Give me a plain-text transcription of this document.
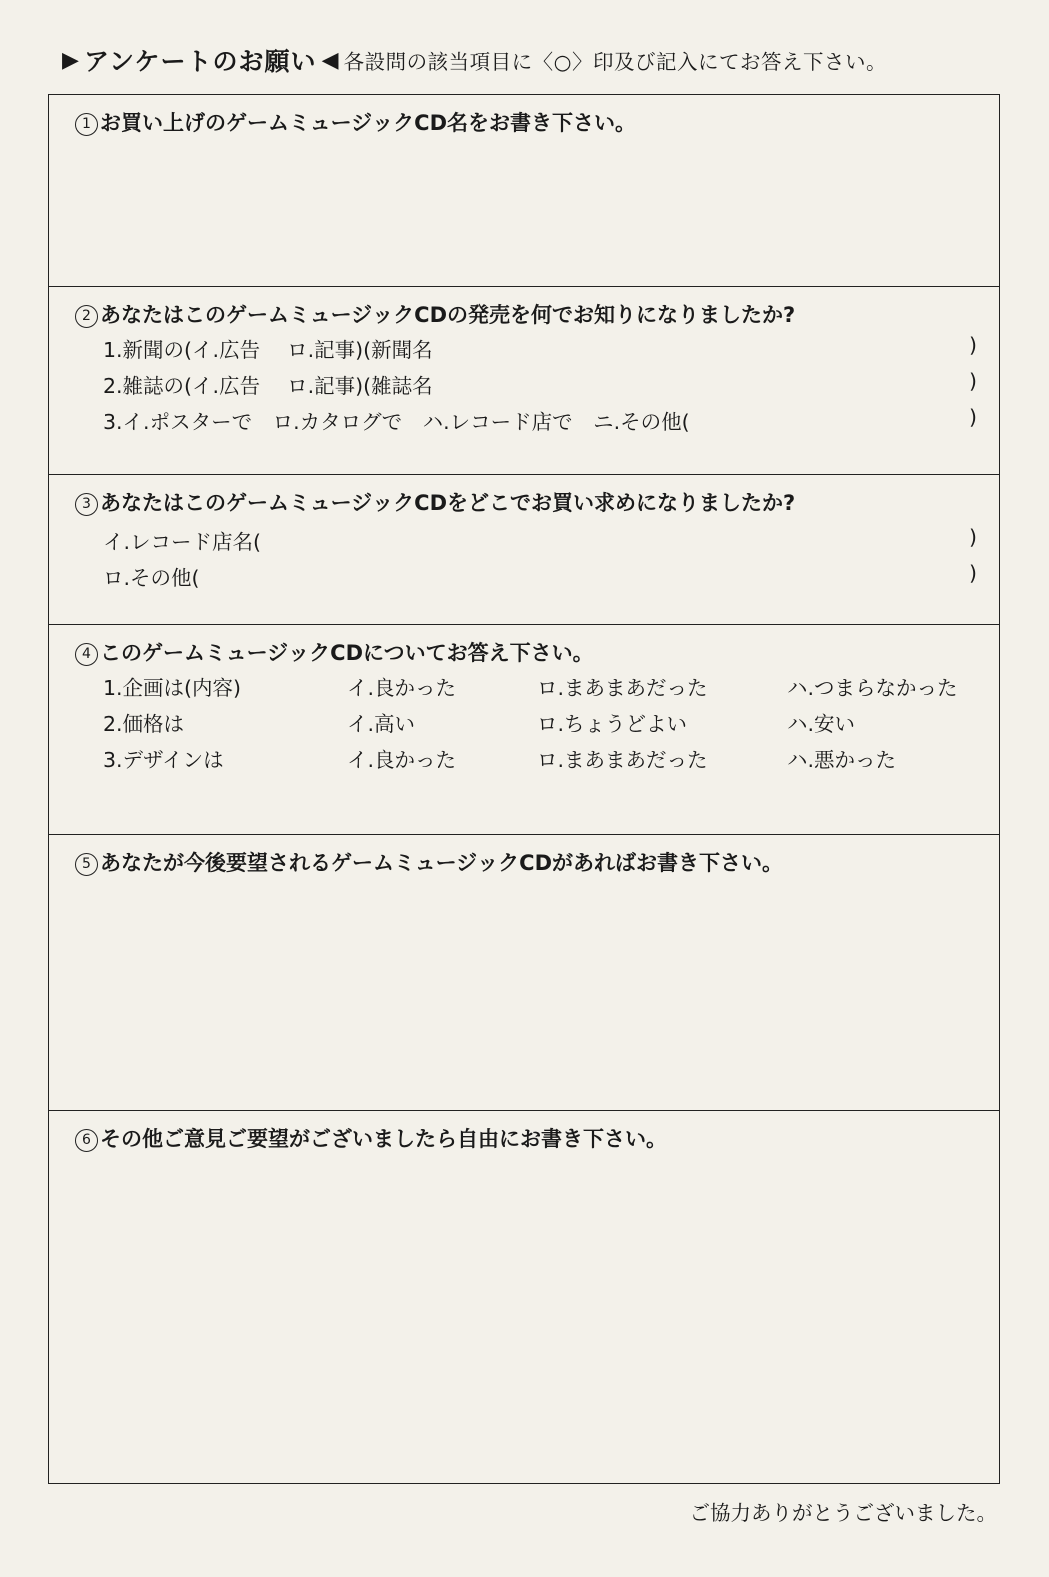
▶ アンケートのお願い ◀ 各設問の該当項目に〈○〉印及び記入にてお答え下さい。
1 お買い上げのゲームミュージックCD名をお書き下さい。
2 あなたはこのゲームミュージックCDの発売を何でお知りになりましたか?
1.新聞の(イ.広告　 ロ.記事)(新聞名	)
2.雑誌の(イ.広告　 ロ.記事)(雑誌名	)
3.イ.ポスターで　ロ.カタログで　ハ.レコード店で　ニ.その他(	)
3 あなたはこのゲームミュージックCDをどこでお買い求めになりましたか?
イ.レコード店名(	)
ロ.その他(	)
4 このゲームミュージックCDについてお答え下さい。
1.企画は(内容)	イ.良かった	ロ.まあまあだった	ハ.つまらなかった
2.価格は	イ.高い	ロ.ちょうどよい	ハ.安い
3.デザインは	イ.良かった	ロ.まあまあだった	ハ.悪かった
5 あなたが今後要望されるゲームミュージックCDがあればお書き下さい。
6 その他ご意見ご要望がございましたら自由にお書き下さい。
ご協力ありがとうございました。
